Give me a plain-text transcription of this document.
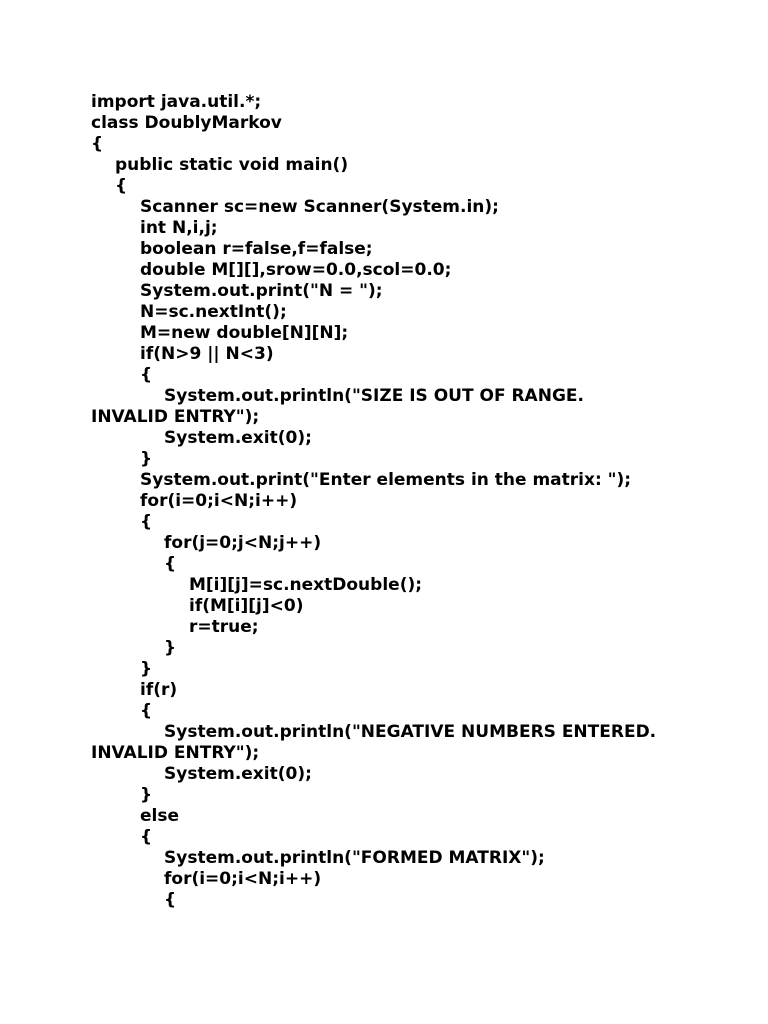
import java.util.*;
class DoublyMarkov
{
public static void main()
{
Scanner sc=new Scanner(System.in);
int N,i,j;
boolean r=false,f=false;
double M[][],srow=0.0,scol=0.0;
System.out.print("N = ");
N=sc.nextInt();
M=new double[N][N];
if(N>9 || N<3)
{
System.out.println("SIZE IS OUT OF RANGE.
INVALID ENTRY");
System.exit(0);
}
System.out.print("Enter elements in the matrix: ");
for(i=0;i<N;i++)
{
for(j=0;j<N;j++)
{
M[i][j]=sc.nextDouble();
if(M[i][j]<0)
r=true;
}
}
if(r)
{
System.out.println("NEGATIVE NUMBERS ENTERED.
INVALID ENTRY");
System.exit(0);
}
else
{
System.out.println("FORMED MATRIX");
for(i=0;i<N;i++)
{
